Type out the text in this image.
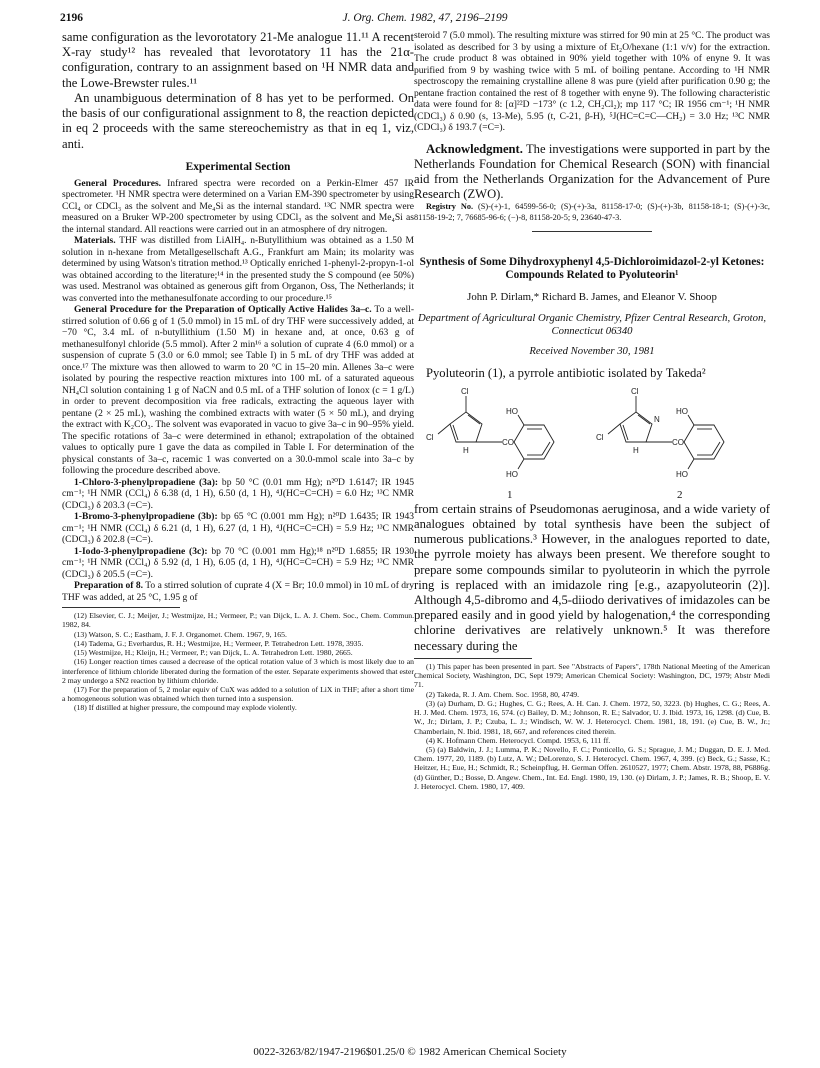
2196	J. Org. Chem. 1982, 47, 2196–2199

same configuration as the levorotatory 21-Me analogue 11.¹¹ A recent X-ray study¹² has revealed that levorotatory 11 has the 21α-configuration, contrary to an assignment based on ¹H NMR data and the Lowe-Brewster rules.¹¹

An unambiguous determination of 8 has yet to be performed. On the basis of our configurational assignment to 8, the reaction depicted in eq 2 proceeds with the same stereochemistry as that in eq 1, viz, anti.

Experimental Section

General Procedures. Infrared spectra were recorded on a Perkin-Elmer 457 IR spectrometer. ¹H NMR spectra were determined on a Varian EM-390 spectrometer by using CCl₄ or CDCl₃ as the solvent and Me₄Si as the internal standard. ¹³C NMR spectra were measured on a Bruker WP-200 spectrometer by using CDCl₃ as the solvent and Me₄Si as the internal standard. All reactions were carried out in an atmosphere of dry nitrogen.

Materials. THF was distilled from LiAlH₄. n-Butyllithium was obtained as a 1.50 M solution in n-hexane from Metallgesellschaft A.G., Frankfurt am Main; its molarity was determined by using Watson's titration method.¹³ Optically enriched 1-phenyl-2-propyn-1-ol was obtained according to the literature;¹⁴ in the presented study the S compound (ee 50%) was used. Mestranol was obtained as generous gift from Organon, Oss, The Netherlands; it was converted into the methanesulfonate according to our procedure.¹⁵

General Procedure for the Preparation of Optically Active Halides 3a–c. To a well-stirred solution of 0.66 g of 1 (5.0 mmol) in 15 mL of dry THF were successively added, at −70 °C, 3.4 mL of n-butyllithium (1.50 M) in hexane and, at once, 0.63 g of methanesulfonyl chloride (5.5 mmol). After 2 min¹⁶ a solution of cuprate 4 (6.0 mmol) or a suspension of cuprate 5 (3.0 or 6.0 mmol; see Table I) in 5 mL of dry THF was added at once.¹⁷ The mixture was then allowed to warm to 20 °C in 15–20 min. Allenes 3a–c were isolated by pouring the respective reaction mixtures into 100 mL of a saturated aqueous NH₄Cl solution containing 1 g of NaCN and 0.5 mL of a THF solution of Ionox (c = 1 g/L) in order to prevent decomposition via free radicals, extracting the aqueous layer with pentane (2 × 25 mL), washing the combined extracts with water (5 × 50 mL), and drying the extract with K₂CO₃. The solvent was evaporated in vacuo to give 3a–c in 90–95% yield. The specific rotations of 3a–c were determined in ethanol; extrapolation of the obtained values to optically pure 1 gave the data as compiled in Table I. For determination of the physical constants of 3a–c, racemic 1 was converted on a 30.0-mmol scale into 3a–c by following the procedure described above.

1-Chloro-3-phenylpropadiene (3a): bp 50 °C (0.01 mm Hg); n²⁰D 1.6147; IR 1945 cm⁻¹; ¹H NMR (CCl₄) δ 6.38 (d, 1 H), 6.50 (d, 1 H), ⁴J(HC=C=CH) = 6.0 Hz; ¹³C NMR (CDCl₃) δ 203.3 (=C=).

1-Bromo-3-phenylpropadiene (3b): bp 65 °C (0.001 mm Hg); n²⁰D 1.6435; IR 1943 cm⁻¹; ¹H NMR (CCl₄) δ 6.21 (d, 1 H), 6.27 (d, 1 H), ⁴J(HC=C=CH) = 5.9 Hz; ¹³C NMR (CDCl₃) δ 202.8 (=C=).

1-Iodo-3-phenylpropadiene (3c): bp 70 °C (0.001 mm Hg);¹⁸ n²⁰D 1.6855; IR 1930 cm⁻¹; ¹H NMR (CCl₄) δ 5.92 (d, 1 H), 6.05 (d, 1 H), ⁴J(HC=C=CH) = 5.9 Hz; ¹³C NMR (CDCl₃) δ 205.5 (=C=).

Preparation of 8. To a stirred solution of cuprate 4 (X = Br; 10.0 mmol) in 10 mL of dry THF was added, at 25 °C, 1.95 g of

(12) Elsevier, C. J.; Meijer, J.; Westmijze, H.; Vermeer, P.; van Dijck, L. A. J. Chem. Soc., Chem. Commun. 1982, 84.

(13) Watson, S. C.; Eastham, J. F. J. Organomet. Chem. 1967, 9, 165.

(14) Tadema, G.; Everhardus, R. H.; Westmijze, H.; Vermeer, P. Tetrahedron Lett. 1978, 3935.

(15) Westmijze, H.; Kleijn, H.; Vermeer, P.; van Dijck, L. A. Tetrahedron Lett. 1980, 2665.

(16) Longer reaction times caused a decrease of the optical rotation value of 3 which is most likely due to an interference of lithium chloride liberated during the formation of the ester. Separate experiments showed that ester 2 may undergo a SN2 reaction by lithium chloride.

(17) For the preparation of 5, 2 molar equiv of CuX was added to a solution of LiX in THF; after a short time a homogeneous solution was obtained which then turned into a suspension.

(18) If distilled at higher pressure, the compound may explode violently.

steroid 7 (5.0 mmol). The resulting mixture was stirred for 90 min at 25 °C. The product was isolated as described for 3 by using a mixture of Et₂O/hexane (1:1 v/v) for the extraction. The crude product 8 was obtained in 90% yield together with 10% of enyne 9. It was purified from 9 by washing twice with 5 mL of boiling pentane. According to ¹H NMR spectroscopy the remaining crystalline allene 8 was pure (yield after purification 0.90 g; the pentane fraction contained the rest of 8 together with enyne 9). The following characteristic data were found for 8: [α]²²D −173° (c 1.2, CH₂Cl₂); mp 117 °C; IR 1956 cm⁻¹; ¹H NMR (CDCl₃) δ 0.90 (s, 13-Me), 5.95 (t, C-21, β-H), ⁵J(HC=C=C—CH₂) = 3.0 Hz; ¹³C NMR (CDCl₃) δ 193.7 (=C=).

Acknowledgment. The investigations were supported in part by the Netherlands Foundation for Chemical Research (SON) with financial aid from the Netherlands Organization for the Advancement of Pure Research (ZWO).

Registry No. (S)-(+)-1, 64599-56-0; (S)-(+)-3a, 81158-17-0; (S)-(+)-3b, 81158-18-1; (S)-(+)-3c, 81158-19-2; 7, 76685-96-6; (−)-8, 81158-20-5; 9, 23640-47-3.

Synthesis of Some Dihydroxyphenyl 4,5-Dichloroimidazol-2-yl Ketones: Compounds Related to Pyoluteorin¹
John P. Dirlam,* Richard B. James, and Eleanor V. Shoop
Department of Agricultural Organic Chemistry, Pfizer Central Research, Groton, Connecticut 06340
Received November 30, 1981

Pyoluteorin (1), a pyrrole antibiotic isolated by Takeda²

Cl
Cl
H
CO
HO
HO
1
Cl
Cl
N
H
CO
HO
HO
2

from certain strains of Pseudomonas aeruginosa, and a wide variety of analogues obtained by total synthesis have been the subject of numerous publications.³ However, in the analogues reported to date, the pyrrole moiety has always been present. We therefore sought to prepare some compounds similar to pyoluteorin in which the pyrrole ring is replaced with an imidazole ring [e.g., azapyoluteorin (2)]. Although 4,5-dibromo and 4,5-diiodo derivatives of imidazoles can be prepared easily and in good yield by halogenation,⁴ the corresponding chlorine derivatives are relatively unknown.⁵ It was therefore necessary during the

(1) This paper has been presented in part. See "Abstracts of Papers", 178th National Meeting of the American Chemical Society, Washington, DC, Sept 1979; American Chemical Society: Washington, DC, 1979; Abstr Medi 71.

(2) Takeda, R. J. Am. Chem. Soc. 1958, 80, 4749.

(3) (a) Durham, D. G.; Hughes, C. G.; Rees, A. H. Can. J. Chem. 1972, 50, 3223. (b) Hughes, C. G.; Rees, A. H. J. Med. Chem. 1973, 16, 574. (c) Bailey, D. M.; Johnson, R. E.; Salvador, U. J. Ibid. 1973, 16, 1298. (d) Cue, B. W., Jr.; Dirlam, J. P.; Czuba, L. J.; Windisch, W. W. J. Heterocycl. Chem. 1981, 18, 191. (e) Cue, B. W., Jr.; Chamberlain, N. Ibid. 1981, 18, 667, and references cited therein.

(4) K. Hofmann Chem. Heterocycl. Compd. 1953, 6, 111 ff.

(5) (a) Baldwin, J. J.; Lumma, P. K.; Novello, F. C.; Ponticello, G. S.; Sprague, J. M.; Duggan, D. E. J. Med. Chem. 1977, 20, 1189. (b) Lutz, A. W.; DeLorenzo, S. J. Heterocycl. Chem. 1967, 4, 399. (c) Beck, G.; Sasse, K.; Heitzer, H.; Eue, H.; Schmidt, R.; Scheinpflug, H. German Offen. 2610527, 1977; Chem. Abstr. 1978, 88, P6886g. (d) Günther, D.; Bosse, D. Angew. Chem., Int. Ed. Engl. 1980, 19, 130. (e) Dirlam, J. P.; James, R. B.; Shoop, E. V. J. Heterocycl. Chem. 1980, 17, 409.

0022-3263/82/1947-2196$01.25/0 © 1982 American Chemical Society
